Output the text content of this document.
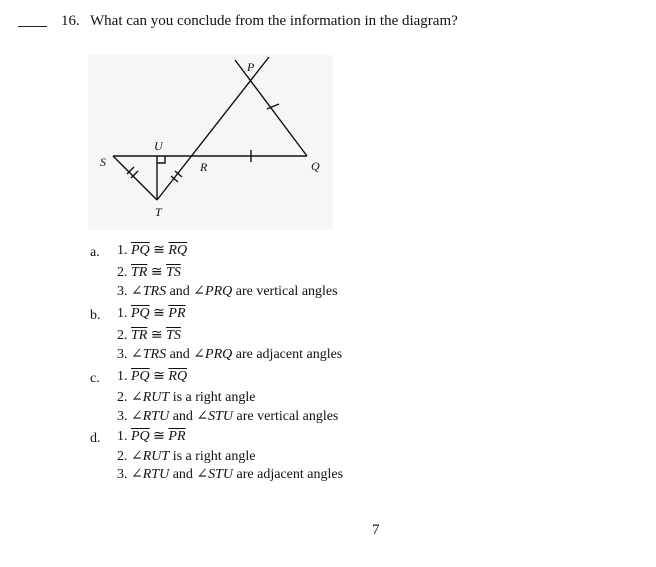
16. What can you conclude from the information in the diagram?
P
U
S	R	Q
T
a.	1. $\overline{PQ}$ ≅ $\overline{RQ}$
2. $\overline{TR}$ ≅ $\overline{TS}$
3. ∠TRS and ∠PRQ are vertical angles
b. 1. $\overline{PQ}$ ≅ $\overline{PR}$
2. $\overline{TR}$ ≅ $\overline{TS}$
3. ∠TRS and ∠PRQ are adjacent angles
c. 1. $\overline{PQ}$ ≅ $\overline{RQ}$
2. ∠RUT is a right angle
3. ∠RTU and ∠STU are vertical angles
d. 1. $\overline{PQ}$ ≅ $\overline{PR}$
2. ∠RUT is a right angle
3. ∠RTU and ∠STU are adjacent angles
7
